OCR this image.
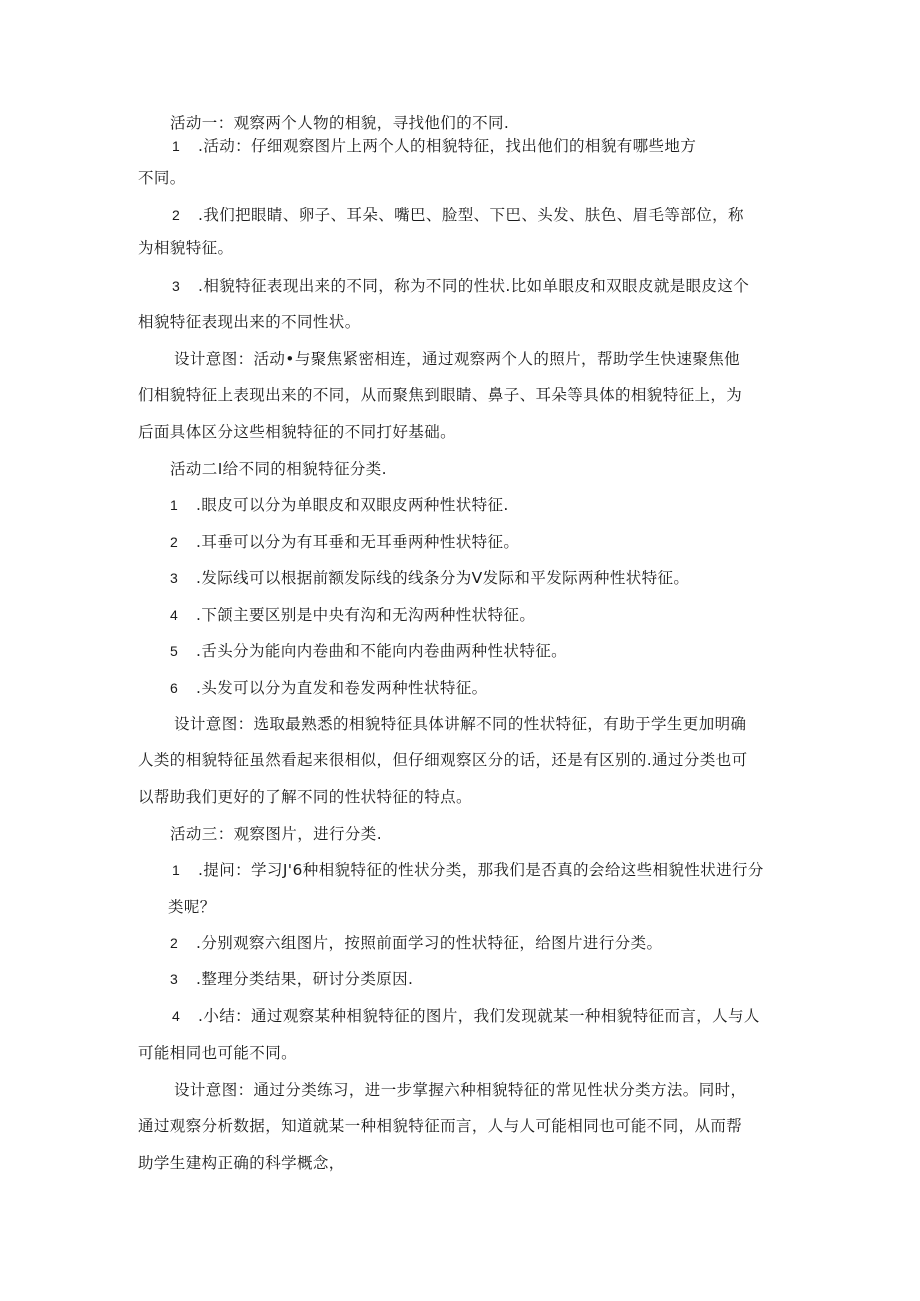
活动一：观察两个人物的相貌，寻找他们的不同.
1 .活动：仔细观察图片上两个人的相貌特征，找出他们的相貌有哪些地方
不同。
2 .我们把眼睛、卵子、耳朵、嘴巴、脸型、下巴、头发、肤色、眉毛等部位，称
为相貌特征。
3 .相貌特征表现出来的不同，称为不同的性状.比如单眼皮和双眼皮就是眼皮这个
相貌特征表现出来的不同性状。
设计意图：活动•与聚焦紧密相连，通过观察两个人的照片，帮助学生快速聚焦他
们相貌特征上表现出来的不同，从而聚焦到眼睛、鼻子、耳朵等具体的相貌特征上，为
后面具体区分这些相貌特征的不同打好基础。
活动二I给不同的相貌特征分类.
1 .眼皮可以分为单眼皮和双眼皮两种性状特征.
2 .耳垂可以分为有耳垂和无耳垂两种性状特征。
3 .发际线可以根据前额发际线的线条分为V发际和平发际两种性状特征。
4 .下颌主要区别是中央有沟和无沟两种性状特征。
5 .舌头分为能向内卷曲和不能向内卷曲两种性状特征。
6 .头发可以分为直发和卷发两种性状特征。
设计意图：选取最熟悉的相貌特征具体讲解不同的性状特征，有助于学生更加明确
人类的相貌特征虽然看起来很相似，但仔细观察区分的话，还是有区别的.通过分类也可
以帮助我们更好的了解不同的性状特征的特点。
活动三：观察图片，进行分类.
1 .提问：学习J'6种相貌特征的性状分类，那我们是否真的会给这些相貌性状进行分
类呢？
2 .分别观察六组图片，按照前面学习的性状特征，给图片进行分类。
3 .整理分类结果，研讨分类原因.
4 .小结：通过观察某种相貌特征的图片，我们发现就某一种相貌特征而言，人与人
可能相同也可能不同。
设计意图：通过分类练习，进一步掌握六种相貌特征的常见性状分类方法。同时，
通过观察分析数据，知道就某一种相貌特征而言，人与人可能相同也可能不同，从而帮
助学生建构正确的科学概念，
